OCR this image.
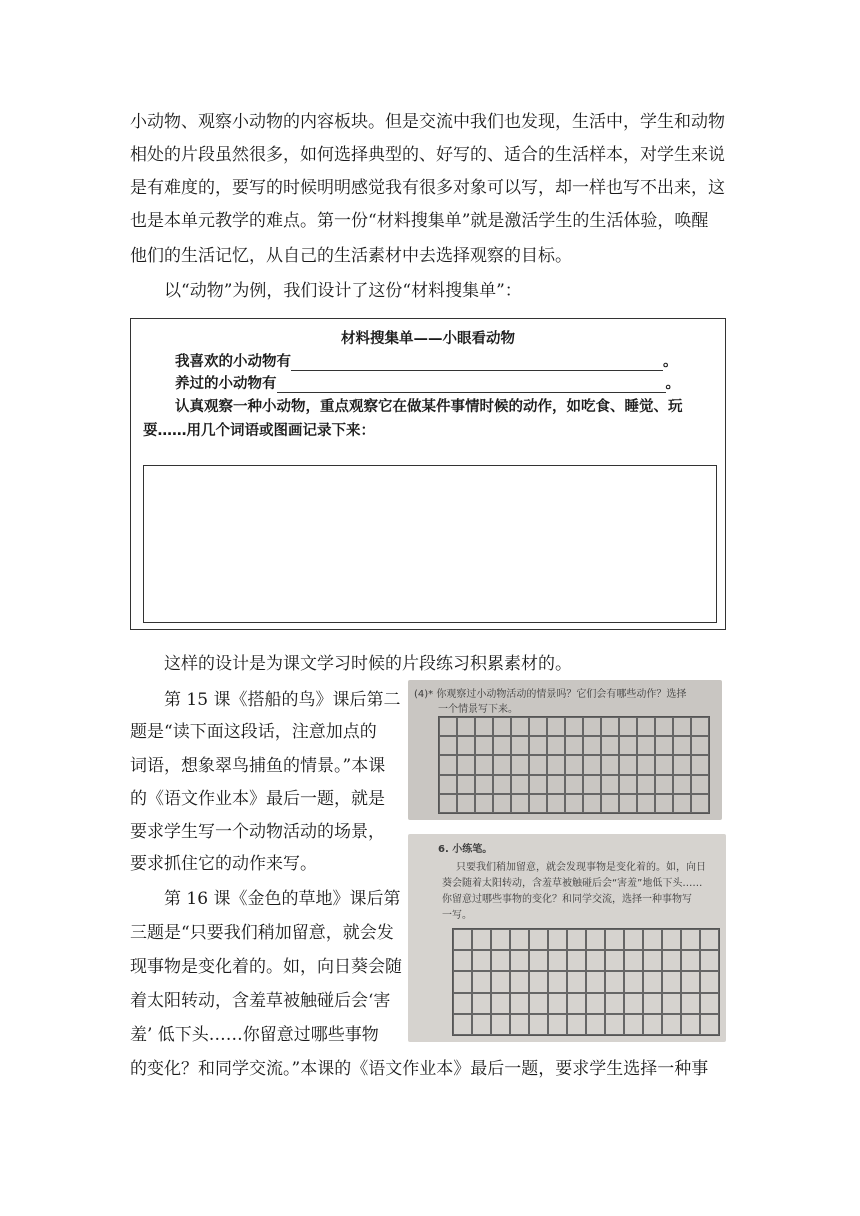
小动物、观察小动物的内容板块。但是交流中我们也发现，生活中，学生和动物
相处的片段虽然很多，如何选择典型的、好写的、适合的生活样本，对学生来说
是有难度的，要写的时候明明感觉我有很多对象可以写，却一样也写不出来，这
也是本单元教学的难点。第一份“材料搜集单”就是激活学生的生活体验，唤醒
他们的生活记忆，从自己的生活素材中去选择观察的目标。
以“动物”为例，我们设计了这份“材料搜集单”：
材料搜集单——小眼看动物
我喜欢的小动物有	。
养过的小动物有	。

认真观察一种小动物，重点观察它在做某件事情时候的动作，如吃食、睡觉、玩耍……用几个词语或图画记录下来：

这样的设计是为课文学习时候的片段练习积累素材的。
第 15 课《搭船的鸟》课后第二
题是“读下面这段话，注意加点的
词语，想象翠鸟捕鱼的情景。”本课
的《语文作业本》最后一题，就是
要求学生写一个动物活动的场景，
要求抓住它的动作来写。
第 16 课《金色的草地》课后第
三题是“只要我们稍加留意，就会发
现事物是变化着的。如，向日葵会随
着太阳转动，含羞草被触碰后会‘害
羞’ 低下头……你留意过哪些事物
的变化？和同学交流。”本课的《语文作业本》最后一题，要求学生选择一种事
(4)* 你观察过小动物活动的情景吗？它们会有哪些动作？选择
一个情景写下来。
6. 小练笔。
只要我们稍加留意，就会发现事物是变化着的。如，向日
葵会随着太阳转动，含羞草被触碰后会“害羞”地低下头……
你留意过哪些事物的变化？和同学交流，选择一种事物写
一写。
